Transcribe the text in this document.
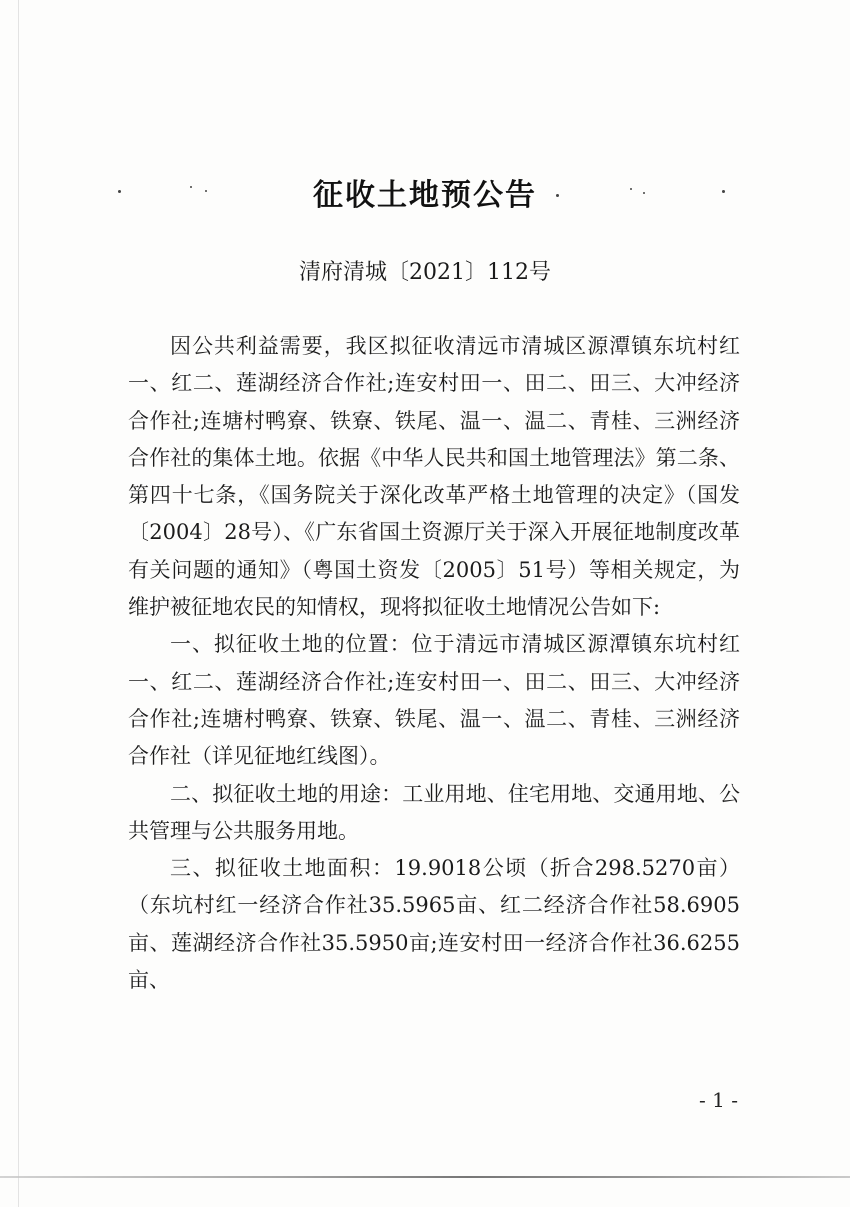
征收土地预公告
清府清城〔2021〕112号

因公共利益需要，我区拟征收清远市清城区源潭镇东坑村红一、红二、莲湖经济合作社;连安村田一、田二、田三、大冲经济合作社;连塘村鸭寮、铁寮、铁尾、温一、温二、青桂、三洲经济合作社的集体土地。依据《中华人民共和国土地管理法》第二条、第四十七条，《国务院关于深化改革严格土地管理的决定》（国发〔2004〕28号）、《广东省国土资源厅关于深入开展征地制度改革有关问题的通知》（粤国土资发〔2005〕51号）等相关规定，为维护被征地农民的知情权，现将拟征收土地情况公告如下:

一、拟征收土地的位置：位于清远市清城区源潭镇东坑村红一、红二、莲湖经济合作社;连安村田一、田二、田三、大冲经济合作社;连塘村鸭寮、铁寮、铁尾、温一、温二、青桂、三洲经济合作社（详见征地红线图）。

二、拟征收土地的用途：工业用地、住宅用地、交通用地、公共管理与公共服务用地。

三、拟征收土地面积：19.9018公顷（折合298.5270亩）（东坑村红一经济合作社35.5965亩、红二经济合作社58.6905亩、莲湖经济合作社35.5950亩;连安村田一经济合作社36.6255亩、

- 1 -
